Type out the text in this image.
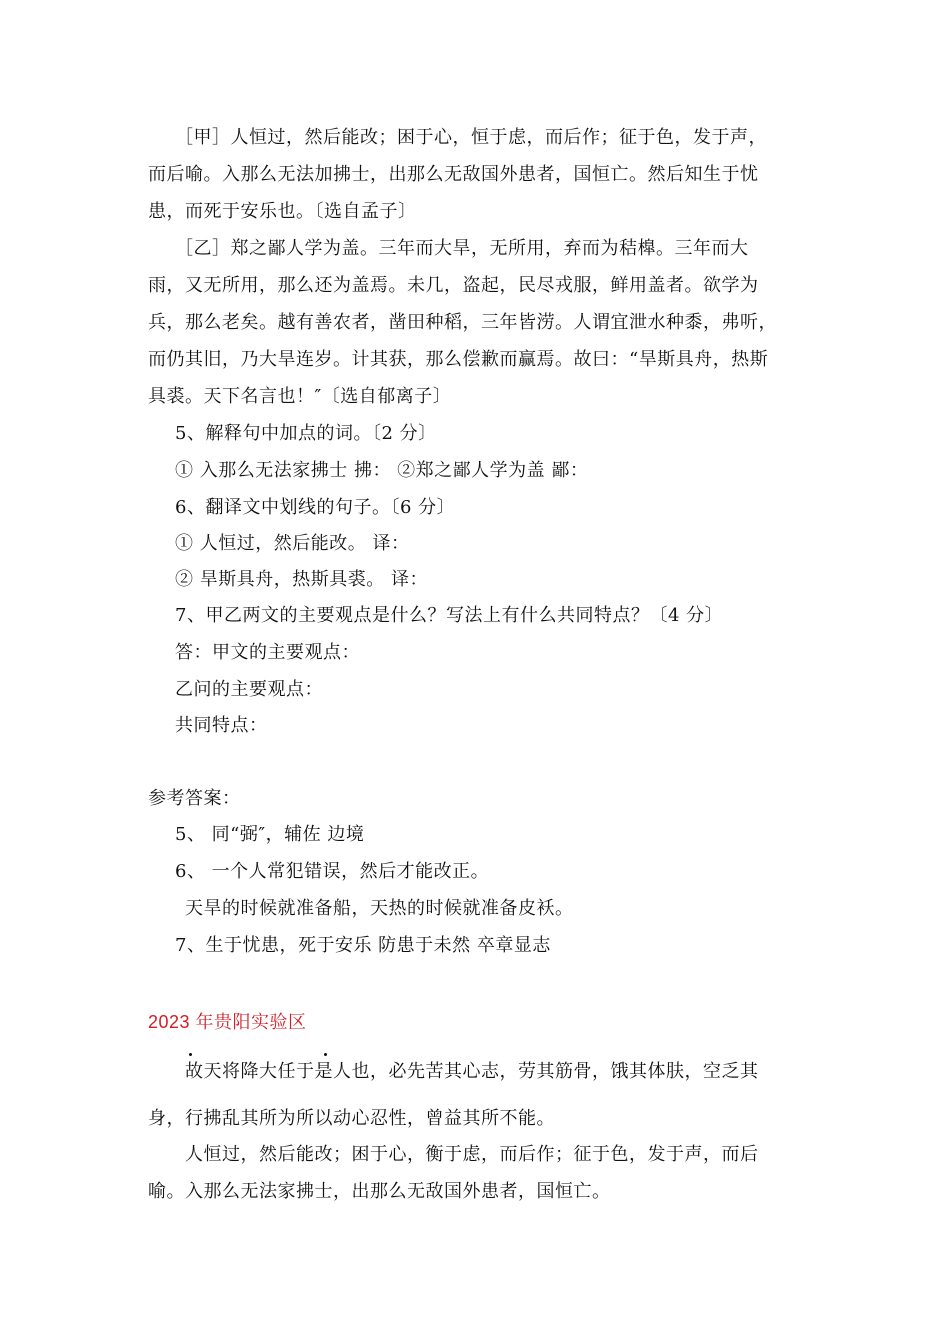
［甲］人恒过，然后能改；困于心，恒于虑，而后作；征于色，发于声，
而后喻。入那么无法加拂士，出那么无敌国外患者，国恒亡。然后知生于忧
患，而死于安乐也。〔选自孟子〕
［乙］郑之鄙人学为盖。三年而大旱，无所用，弃而为秸橰。三年而大
雨，又无所用，那么还为盖焉。未几，盗起，民尽戎服，鲜用盖者。欲学为
兵，那么老矣。越有善农者，凿田种稻，三年皆涝。人谓宜泄水种黍，弗听，
而仍其旧，乃大旱连岁。计其获，那么偿歉而赢焉。故曰：“旱斯具舟，热斯
具裘。天下名言也！″〔选自郁离子〕
5、解释句中加点的词。〔2 分〕
① 入那么无法家拂士 拂： ②郑之鄙人学为盖 鄙：
6、翻译文中划线的句子。〔6 分〕
① 人恒过，然后能改。 译：
② 旱斯具舟，热斯具裘。 译：
7、甲乙两文的主要观点是什么？写法上有什么共同特点？〔4 分〕
答：甲文的主要观点：
乙问的主要观点：
共同特点：
参考答案：
5、 同“弼″，辅佐 边境
6、 一个人常犯错误，然后才能改正。
天旱的时候就准备船，天热的时候就准备皮袄。
7、生于忧患，死于安乐 防患于未然 卒章显志
2023 年贵阳实验区
故天将降大任于是人也，必先苦其心志，劳其筋骨，饿其体肤，空乏其
身，行拂乱其所为所以动心忍性，曾益其所不能。
人恒过，然后能改；困于心，衡于虑，而后作；征于色，发于声，而后
喻。入那么无法家拂士，出那么无敌国外患者，国恒亡。
